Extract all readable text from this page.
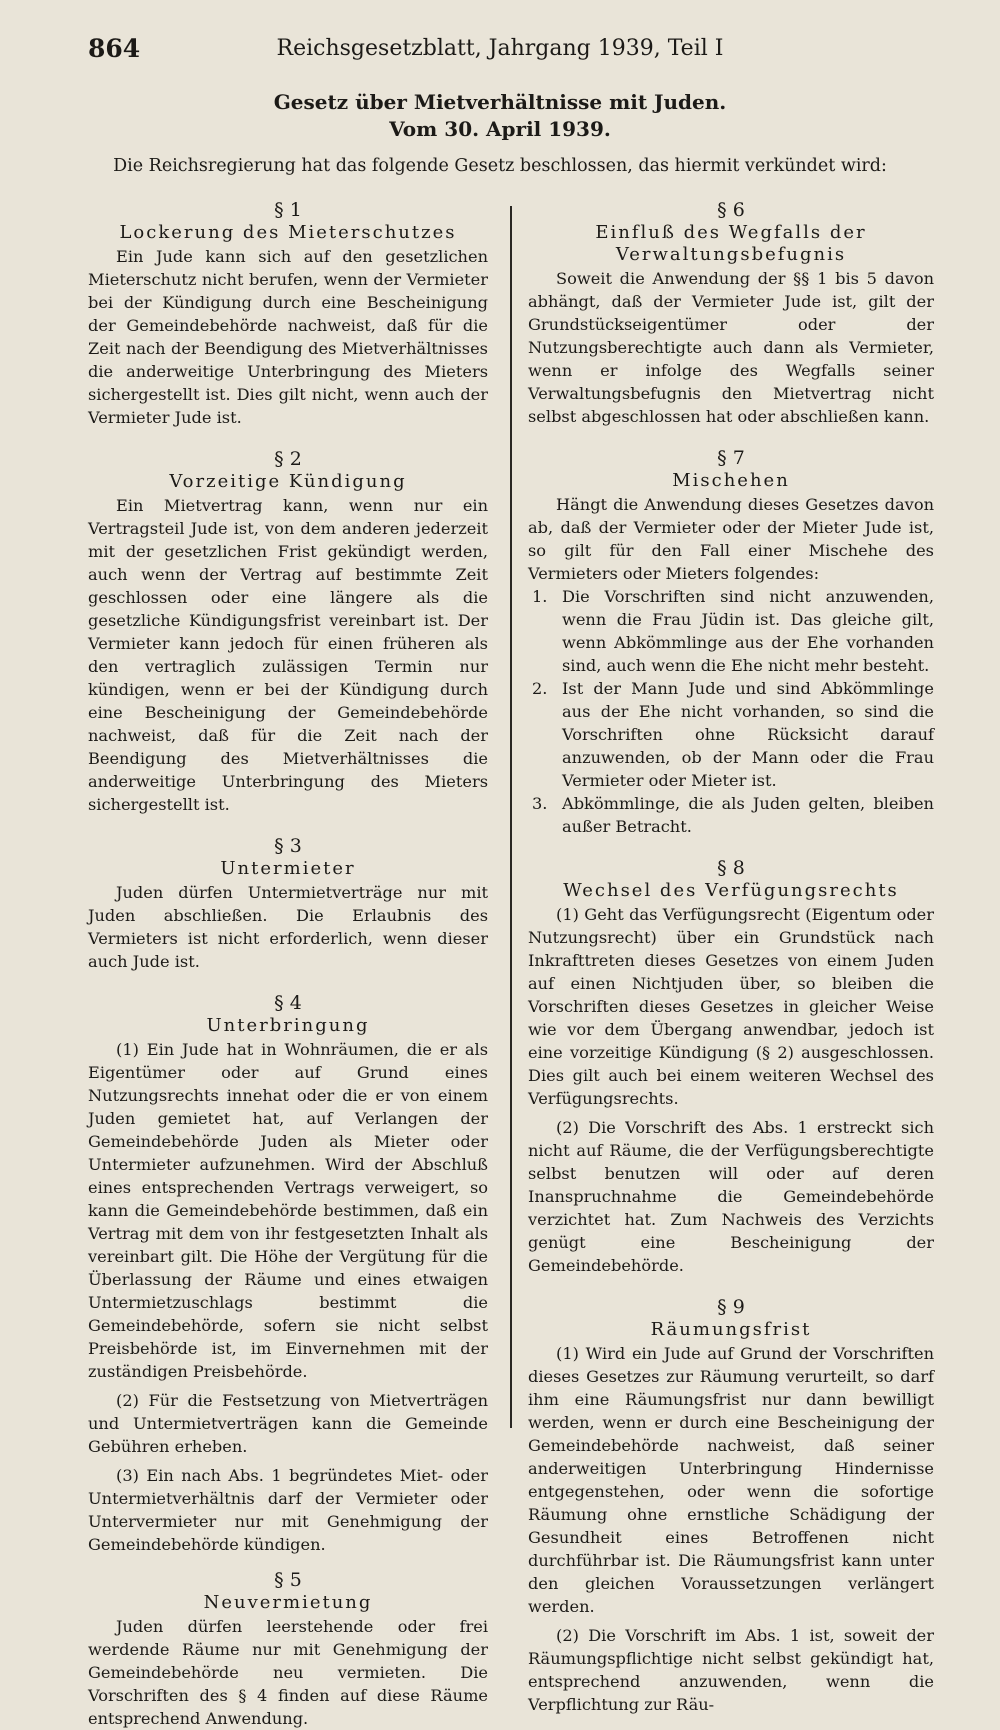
864	Reichsgesetzblatt, Jahrgang 1939, Teil I
Gesetz über Mietverhältnisse mit Juden.
Vom 30. April 1939.
Die Reichsregierung hat das folgende Gesetz beschlossen, das hiermit verkündet wird:

§ 1

Lockerung des Mieterschutzes

Ein Jude kann sich auf den gesetzlichen Mieterschutz nicht berufen, wenn der Vermieter bei der Kündigung durch eine Bescheinigung der Gemeindebehörde nachweist, daß für die Zeit nach der Beendigung des Mietverhältnisses die anderweitige Unterbringung des Mieters sichergestellt ist. Dies gilt nicht, wenn auch der Vermieter Jude ist.

§ 2

Vorzeitige Kündigung

Ein Mietvertrag kann, wenn nur ein Vertragsteil Jude ist, von dem anderen jederzeit mit der gesetzlichen Frist gekündigt werden, auch wenn der Vertrag auf bestimmte Zeit geschlossen oder eine längere als die gesetzliche Kündigungsfrist vereinbart ist. Der Vermieter kann jedoch für einen früheren als den vertraglich zulässigen Termin nur kündigen, wenn er bei der Kündigung durch eine Bescheinigung der Gemeindebehörde nachweist, daß für die Zeit nach der Beendigung des Mietverhältnisses die anderweitige Unterbringung des Mieters sichergestellt ist.

§ 3

Untermieter

Juden dürfen Untermietverträge nur mit Juden abschließen. Die Erlaubnis des Vermieters ist nicht erforderlich, wenn dieser auch Jude ist.

§ 4

Unterbringung

(1) Ein Jude hat in Wohnräumen, die er als Eigentümer oder auf Grund eines Nutzungsrechts innehat oder die er von einem Juden gemietet hat, auf Verlangen der Gemeindebehörde Juden als Mieter oder Untermieter aufzunehmen. Wird der Abschluß eines entsprechenden Vertrags verweigert, so kann die Gemeindebehörde bestimmen, daß ein Vertrag mit dem von ihr festgesetzten Inhalt als vereinbart gilt. Die Höhe der Vergütung für die Überlassung der Räume und eines etwaigen Untermietzuschlags bestimmt die Gemeindebehörde, sofern sie nicht selbst Preisbehörde ist, im Einvernehmen mit der zuständigen Preisbehörde.

(2) Für die Festsetzung von Mietverträgen und Untermietverträgen kann die Gemeinde Gebühren erheben.

(3) Ein nach Abs. 1 begründetes Miet- oder Untermietverhältnis darf der Vermieter oder Untervermieter nur mit Genehmigung der Gemeindebehörde kündigen.

§ 5

Neuvermietung

Juden dürfen leerstehende oder frei werdende Räume nur mit Genehmigung der Gemeindebehörde neu vermieten. Die Vorschriften des § 4 finden auf diese Räume entsprechend Anwendung.

§ 6

Einfluß des Wegfalls der Verwaltungsbefugnis

Soweit die Anwendung der §§ 1 bis 5 davon abhängt, daß der Vermieter Jude ist, gilt der Grundstückseigentümer oder der Nutzungsberechtigte auch dann als Vermieter, wenn er infolge des Wegfalls seiner Verwaltungsbefugnis den Mietvertrag nicht selbst abgeschlossen hat oder abschließen kann.

§ 7

Mischehen

Hängt die Anwendung dieses Gesetzes davon ab, daß der Vermieter oder der Mieter Jude ist, so gilt für den Fall einer Mischehe des Vermieters oder Mieters folgendes:

1. Die Vorschriften sind nicht anzuwenden, wenn die Frau Jüdin ist. Das gleiche gilt, wenn Abkömmlinge aus der Ehe vorhanden sind, auch wenn die Ehe nicht mehr besteht.
2. Ist der Mann Jude und sind Abkömmlinge aus der Ehe nicht vorhanden, so sind die Vorschriften ohne Rücksicht darauf anzuwenden, ob der Mann oder die Frau Vermieter oder Mieter ist.
3. Abkömmlinge, die als Juden gelten, bleiben außer Betracht.

§ 8

Wechsel des Verfügungsrechts

(1) Geht das Verfügungsrecht (Eigentum oder Nutzungsrecht) über ein Grundstück nach Inkrafttreten dieses Gesetzes von einem Juden auf einen Nichtjuden über, so bleiben die Vorschriften dieses Gesetzes in gleicher Weise wie vor dem Übergang anwendbar, jedoch ist eine vorzeitige Kündigung (§ 2) ausgeschlossen. Dies gilt auch bei einem weiteren Wechsel des Verfügungsrechts.

(2) Die Vorschrift des Abs. 1 erstreckt sich nicht auf Räume, die der Verfügungsberechtigte selbst benutzen will oder auf deren Inanspruchnahme die Gemeindebehörde verzichtet hat. Zum Nachweis des Verzichts genügt eine Bescheinigung der Gemeindebehörde.

§ 9

Räumungsfrist

(1) Wird ein Jude auf Grund der Vorschriften dieses Gesetzes zur Räumung verurteilt, so darf ihm eine Räumungsfrist nur dann bewilligt werden, wenn er durch eine Bescheinigung der Gemeindebehörde nachweist, daß seiner anderweitigen Unterbringung Hindernisse entgegenstehen, oder wenn die sofortige Räumung ohne ernstliche Schädigung der Gesundheit eines Betroffenen nicht durchführbar ist. Die Räumungsfrist kann unter den gleichen Voraussetzungen verlängert werden.

(2) Die Vorschrift im Abs. 1 ist, soweit der Räumungspflichtige nicht selbst gekündigt hat, entsprechend anzuwenden, wenn die Verpflichtung zur Räu-
